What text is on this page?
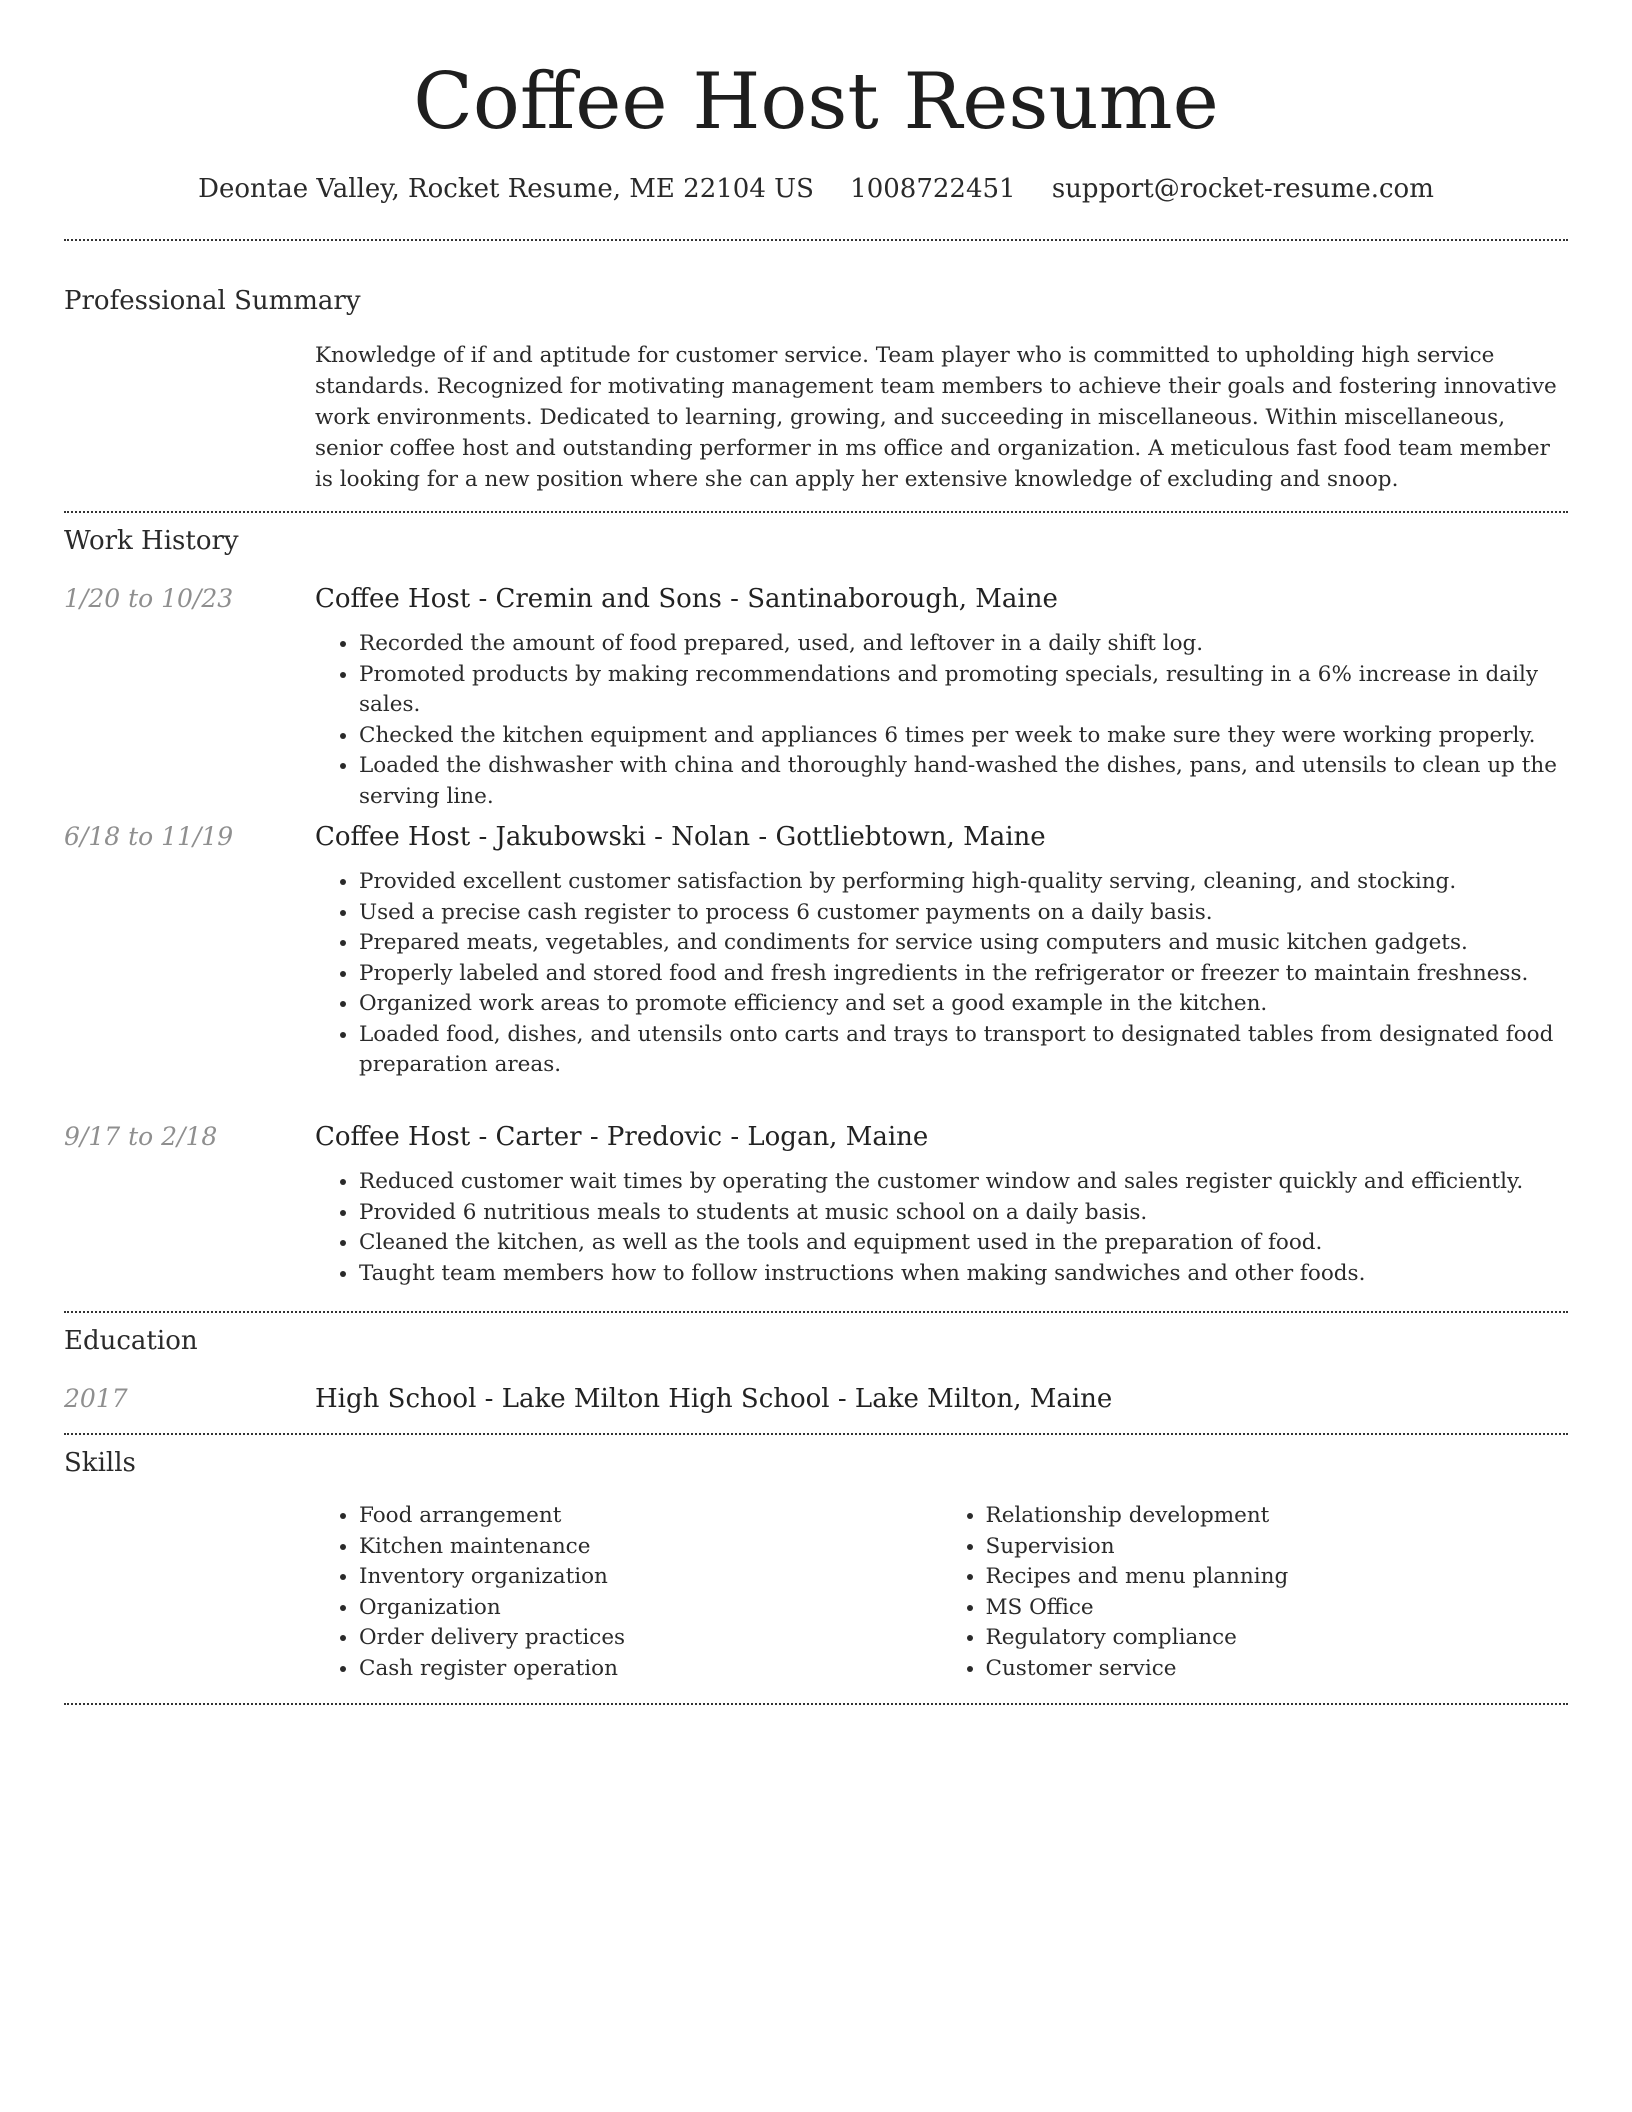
Coffee Host Resume
Deontae Valley, Rocket Resume, ME 22104 US 1008722451 support@rocket-resume.com
Professional Summary

Knowledge of if and aptitude for customer service. Team player who is committed to upholding high service standards. Recognized for motivating management team members to achieve their goals and fostering innovative work environments. Dedicated to learning, growing, and succeeding in miscellaneous. Within miscellaneous, senior coffee host and outstanding performer in ms office and organization. A meticulous fast food team member is looking for a new position where she can apply her extensive knowledge of excluding and snoop.

Work History
1/20 to 10/23	Coffee Host - Cremin and Sons - Santinaborough, Maine
• Recorded the amount of food prepared, used, and leftover in a daily shift log.
• Promoted products by making recommendations and promoting specials, resulting in a 6% increase in daily sales.
• Checked the kitchen equipment and appliances 6 times per week to make sure they were working properly.
• Loaded the dishwasher with china and thoroughly hand-washed the dishes, pans, and utensils to clean up the serving line.
6/18 to 11/19	Coffee Host - Jakubowski - Nolan - Gottliebtown, Maine
• Provided excellent customer satisfaction by performing high-quality serving, cleaning, and stocking.
• Used a precise cash register to process 6 customer payments on a daily basis.
• Prepared meats, vegetables, and condiments for service using computers and music kitchen gadgets.
• Properly labeled and stored food and fresh ingredients in the refrigerator or freezer to maintain freshness.
• Organized work areas to promote efficiency and set a good example in the kitchen.
• Loaded food, dishes, and utensils onto carts and trays to transport to designated tables from designated food preparation areas.
9/17 to 2/18	Coffee Host - Carter - Predovic - Logan, Maine
• Reduced customer wait times by operating the customer window and sales register quickly and efficiently.
• Provided 6 nutritious meals to students at music school on a daily basis.
• Cleaned the kitchen, as well as the tools and equipment used in the preparation of food.
• Taught team members how to follow instructions when making sandwiches and other foods.
Education
2017	High School - Lake Milton High School - Lake Milton, Maine
Skills
• Food arrangement
• Kitchen maintenance
• Inventory organization
• Organization
• Order delivery practices
• Cash register operation
• Relationship development
• Supervision
• Recipes and menu planning
• MS Office
• Regulatory compliance
• Customer service
